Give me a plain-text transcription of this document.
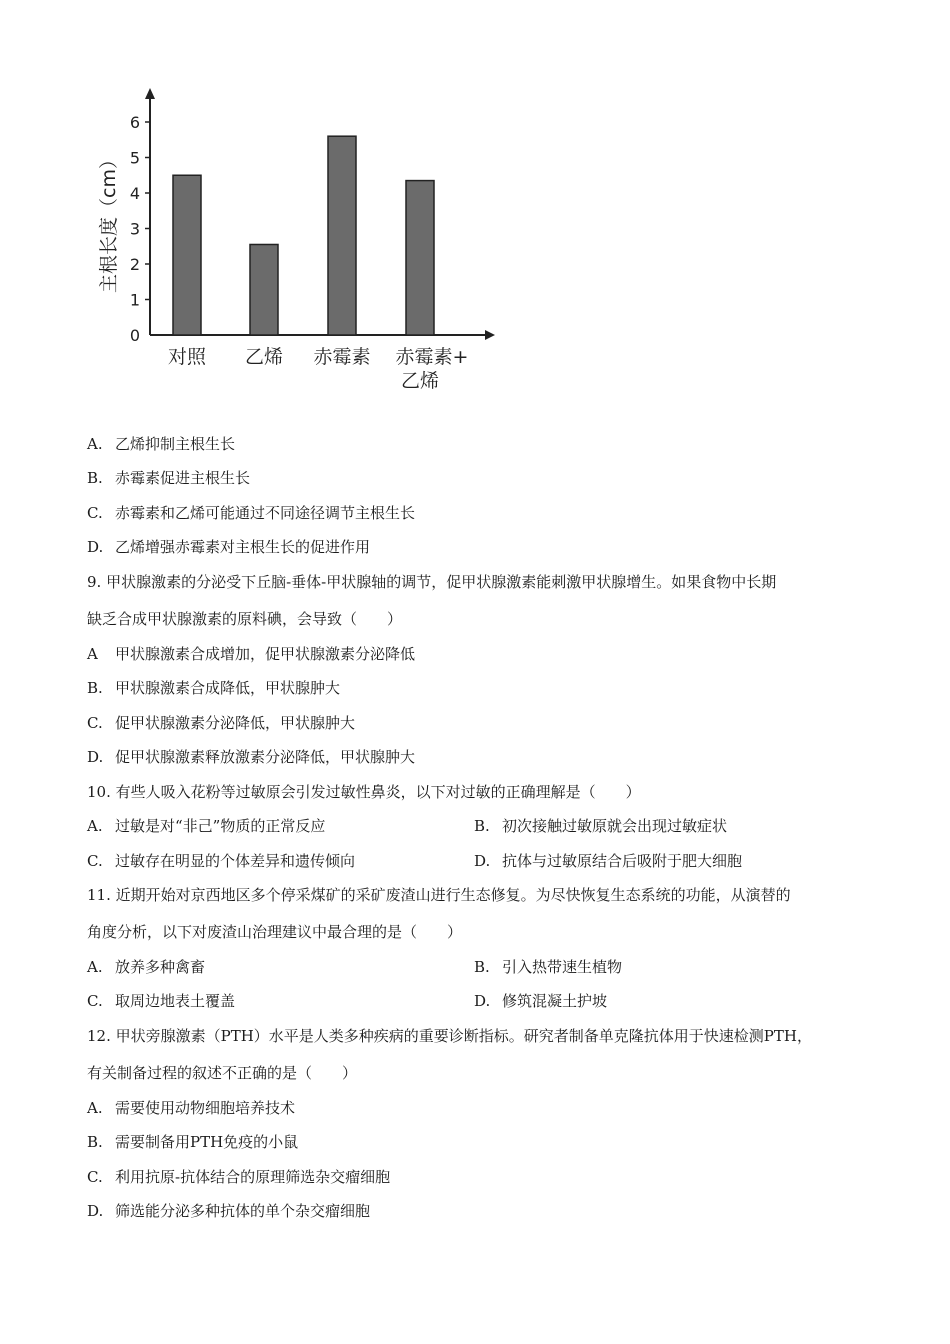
0
1
2
3
4
5
6
主根长度（cm）
对照 乙烯 赤霉素 赤霉素+
乙烯
A. 乙烯抑制主根生长
B. 赤霉素促进主根生长
C. 赤霉素和乙烯可能通过不同途径调节主根生长
D. 乙烯增强赤霉素对主根生长的促进作用
9. 甲状腺激素的分泌受下丘脑-垂体-甲状腺轴的调节，促甲状腺激素能刺激甲状腺增生。如果食物中长期
缺乏合成甲状腺激素的原料碘，会导致（　　）
A 甲状腺激素合成增加，促甲状腺激素分泌降低
B. 甲状腺激素合成降低，甲状腺肿大
C. 促甲状腺激素分泌降低，甲状腺肿大
D. 促甲状腺激素释放激素分泌降低，甲状腺肿大
10. 有些人吸入花粉等过敏原会引发过敏性鼻炎，以下对过敏的正确理解是（　　）
A. 过敏是对“非己”物质的正常反应	B. 初次接触过敏原就会出现过敏症状
C. 过敏存在明显的个体差异和遗传倾向	D. 抗体与过敏原结合后吸附于肥大细胞
11. 近期开始对京西地区多个停采煤矿的采矿废渣山进行生态修复。为尽快恢复生态系统的功能，从演替的
角度分析，以下对废渣山治理建议中最合理的是（　　）
A. 放养多种禽畜	B. 引入热带速生植物
C. 取周边地表土覆盖	D. 修筑混凝土护坡
12. 甲状旁腺激素（PTH）水平是人类多种疾病的重要诊断指标。研究者制备单克隆抗体用于快速检测PTH，
有关制备过程的叙述不正确的是（　　）
A. 需要使用动物细胞培养技术
B. 需要制备用PTH免疫的小鼠
C. 利用抗原-抗体结合的原理筛选杂交瘤细胞
D. 筛选能分泌多种抗体的单个杂交瘤细胞
